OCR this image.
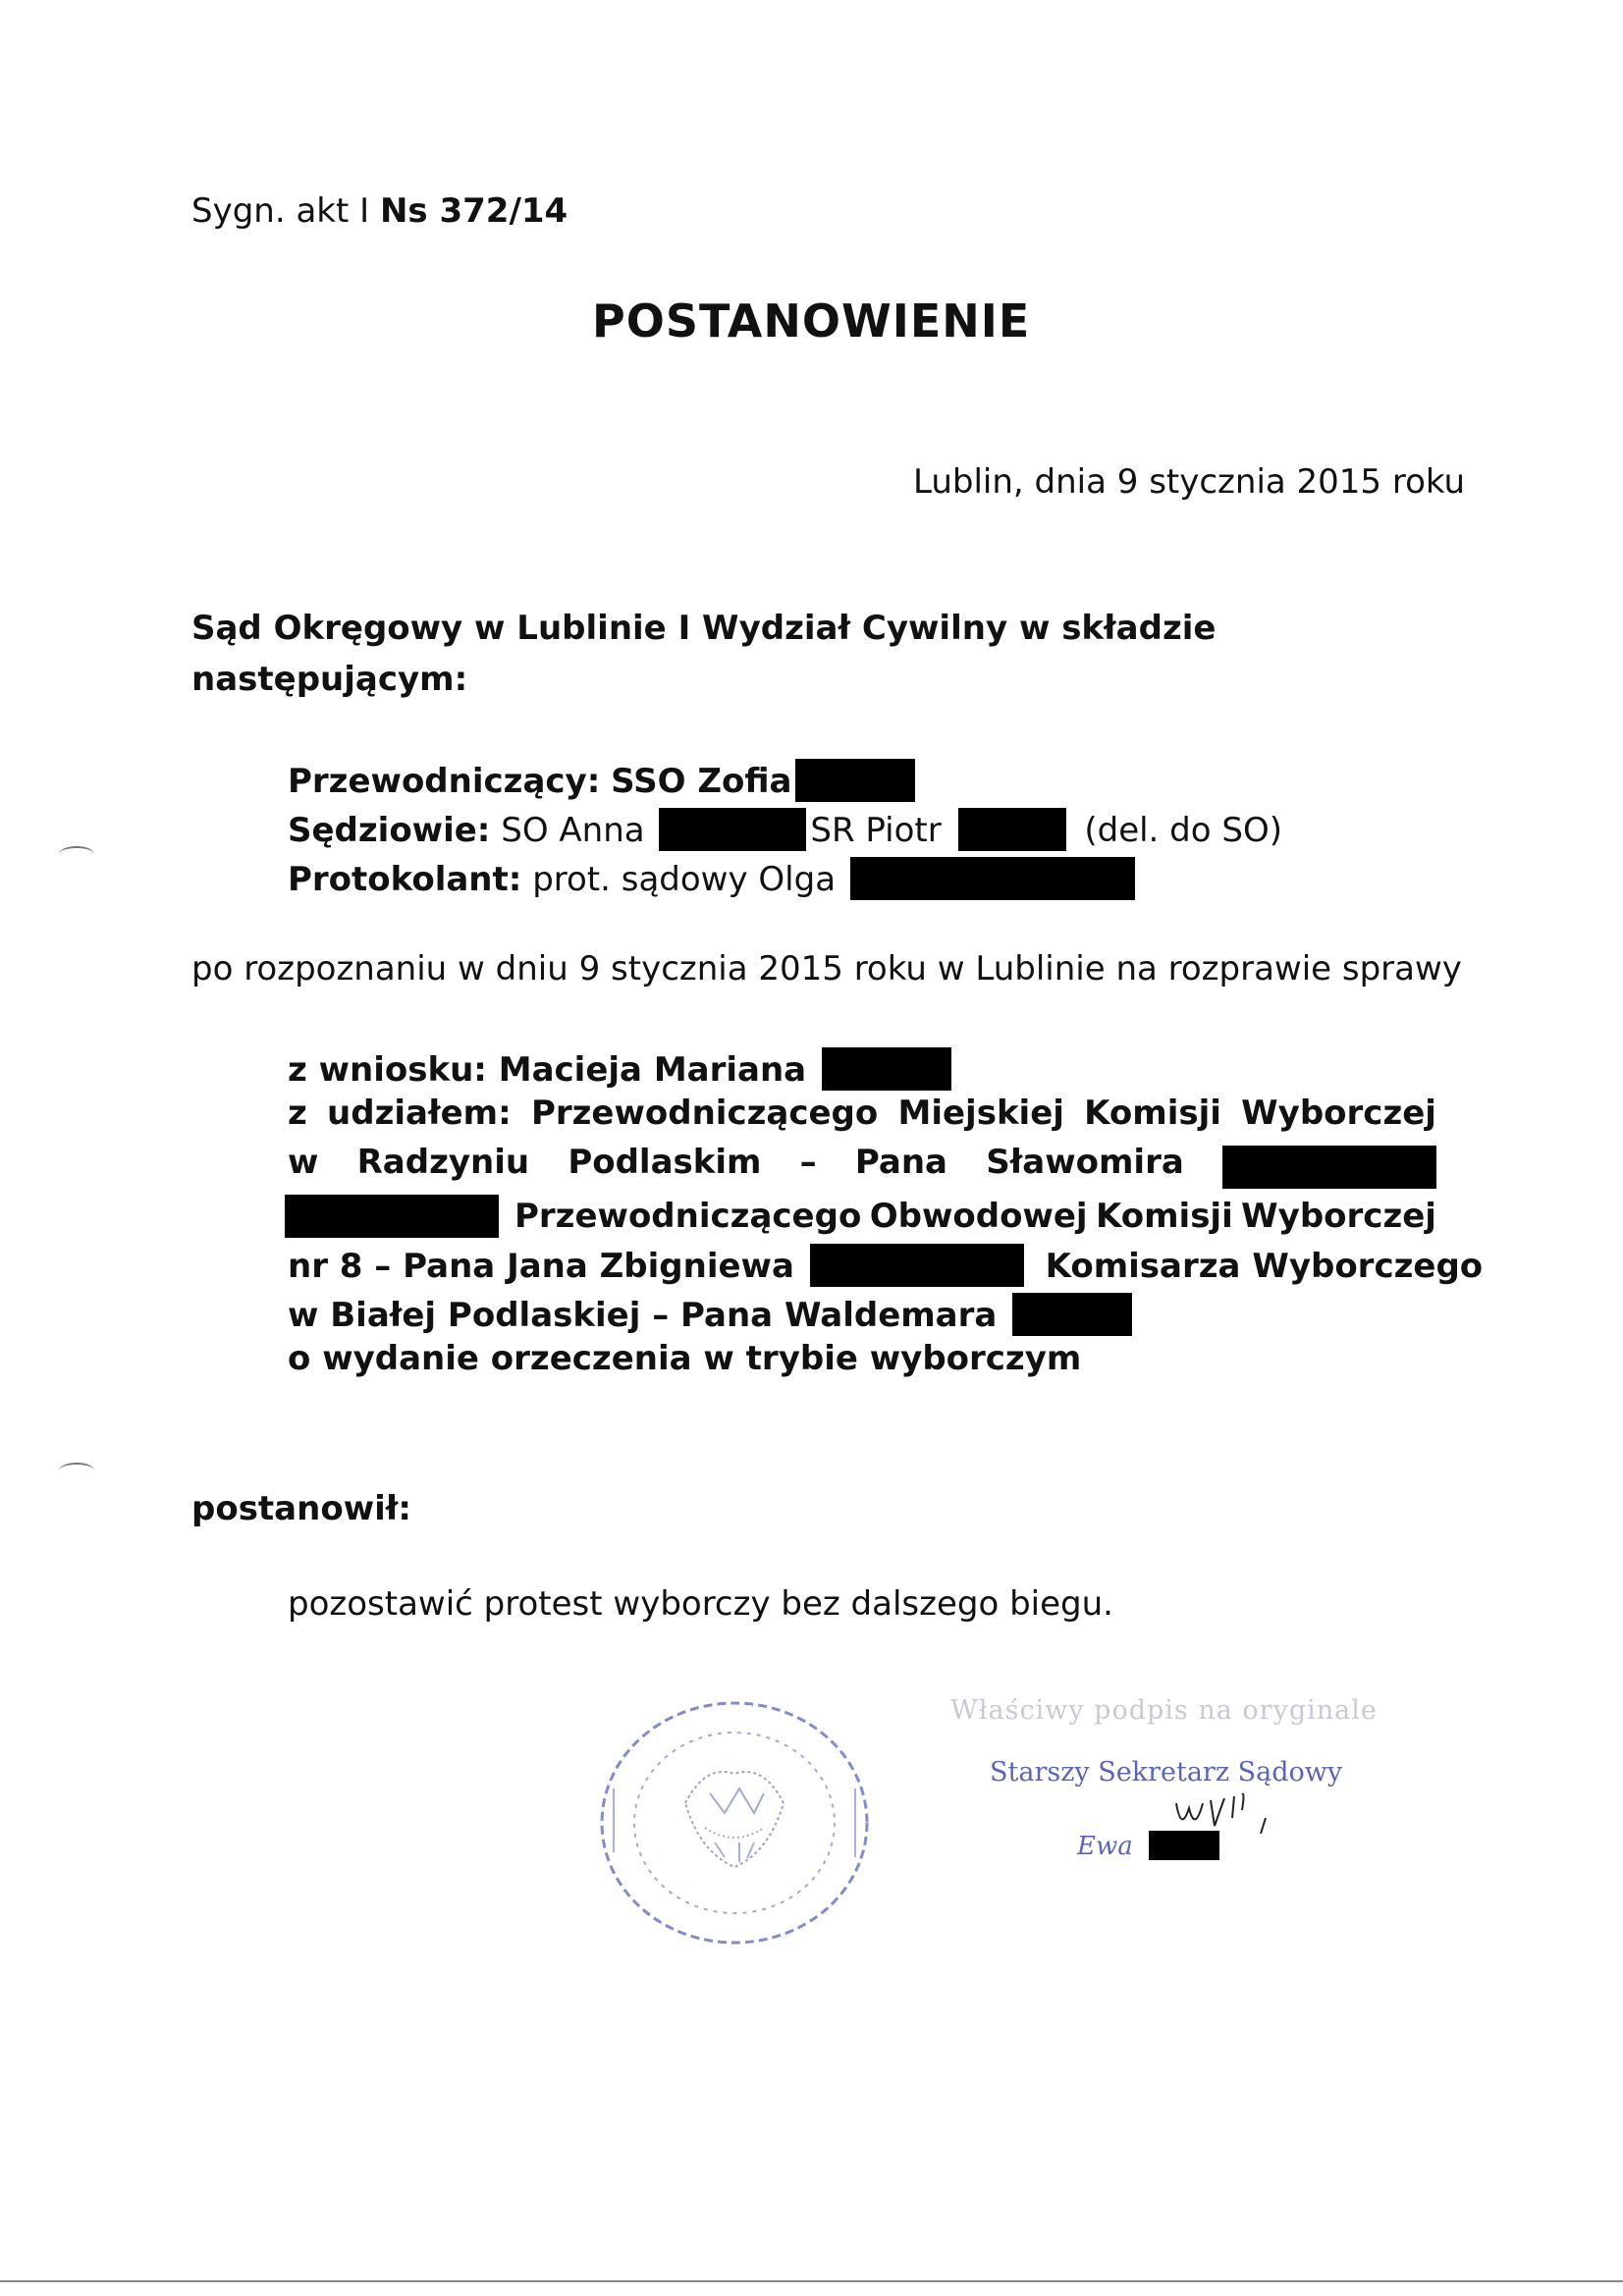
Sygn. akt I Ns 372/14
POSTANOWIENIE
Lublin, dnia 9 stycznia 2015 roku
Sąd Okręgowy w Lublinie I Wydział Cywilny w składzie
następującym:
Przewodniczący: SSO Zofia
Sędziowie: SO Anna	SR Piotr	(del. do SO)
Protokolant: prot. sądowy Olga
po rozpoznaniu w dniu 9 stycznia 2015 roku w Lublinie na rozprawie sprawy
z wniosku: Macieja Mariana
z udziałem: Przewodniczącego Miejskiej Komisji Wyborczej
w Radzyniu Podlaskim – Pana Sławomira
Przewodniczącego Obwodowej Komisji Wyborczej
nr 8 – Pana Jana Zbigniewa	Komisarza Wyborczego
w Białej Podlaskiej – Pana Waldemara
o wydanie orzeczenia w trybie wyborczym
postanowił:
pozostawić protest wyborczy bez dalszego biegu.
Właściwy podpis na oryginale
Starszy Sekretarz Sądowy
Ewa
